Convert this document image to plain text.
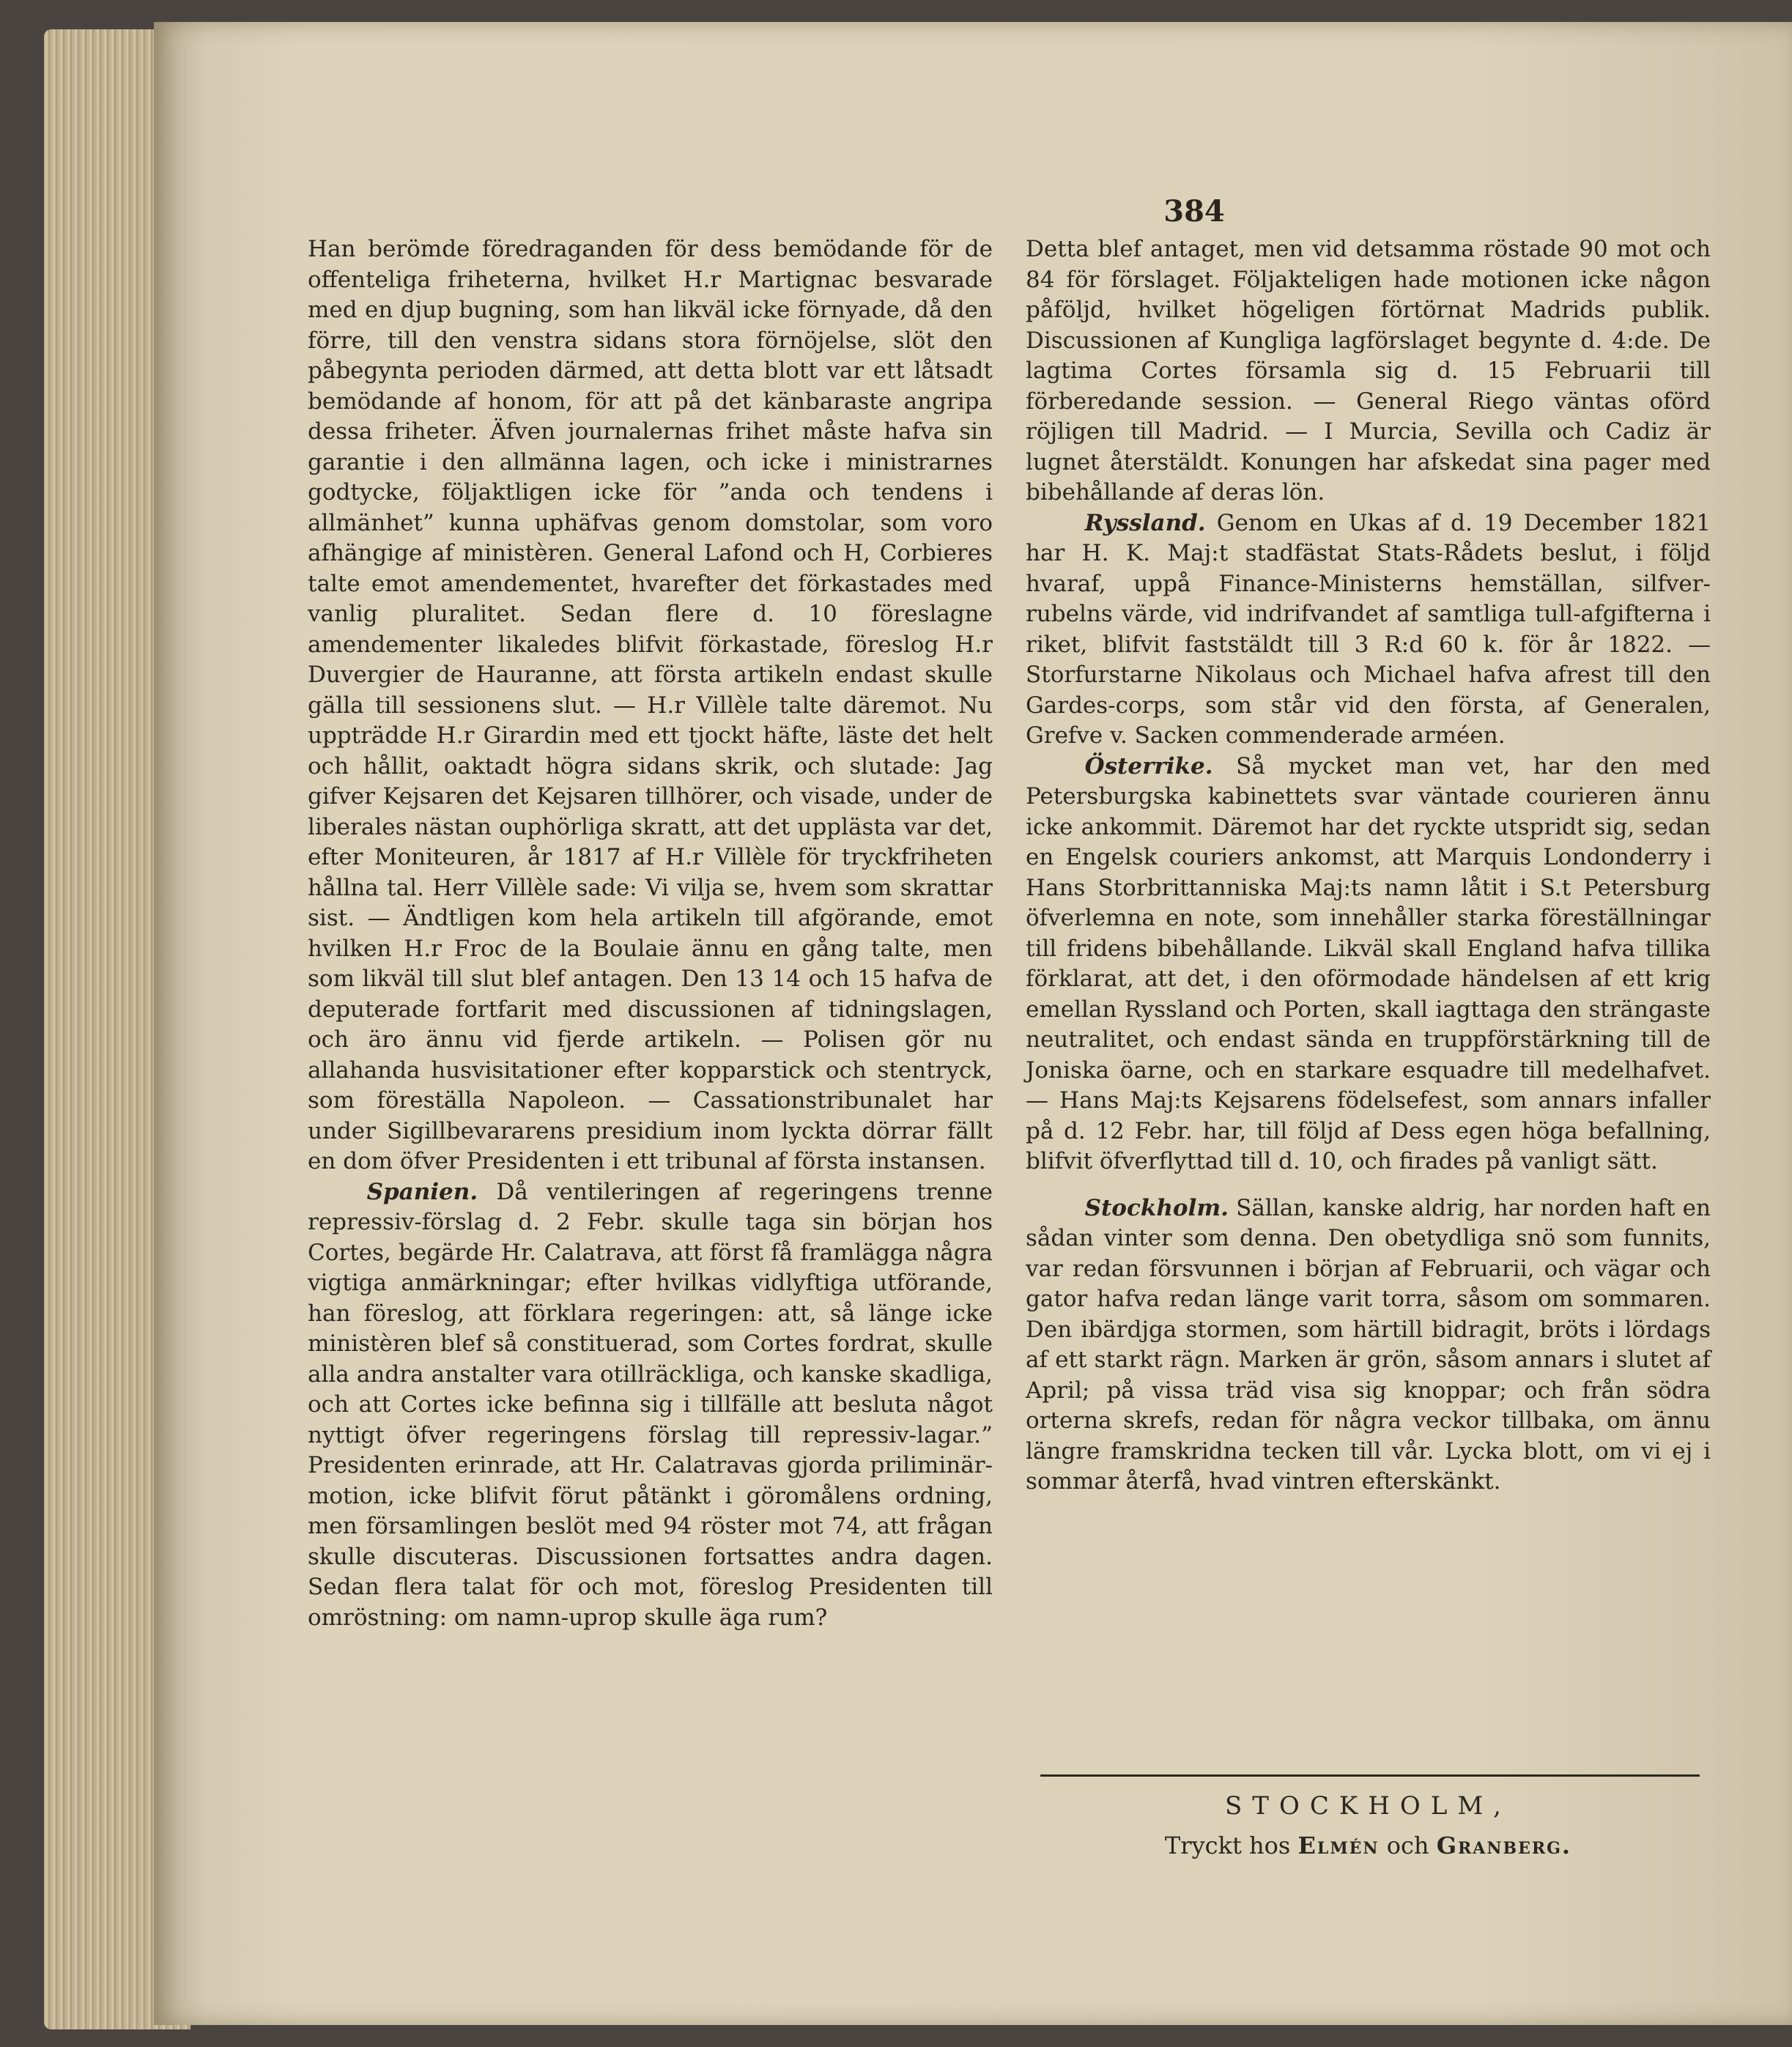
384

Han berömde föredraganden för dess bemödande för de offenteliga friheterna, hvilket H.r Martignac besvarade med en djup bugning, som han likväl icke förnyade, då den förre, till den venstra sidans stora förnöjelse, slöt den påbegynta perioden därmed, att detta blott var ett låtsadt bemödande af honom, för att på det känbaraste angripa dessa friheter. Äfven journalernas frihet måste hafva sin garantie i den allmänna lagen, och icke i ministrarnes godtycke, följaktligen icke för ”anda och tendens i allmänhet” kunna uphäfvas genom domstolar, som voro afhängige af ministèren. General Lafond och H, Corbieres talte emot amendementet, hvarefter det förkastades med vanlig pluralitet. Sedan flere d. 10 föreslagne amendementer likaledes blifvit förkastade, föreslog H.r Duvergier de Hauranne, att första artikeln endast skulle gälla till sessionens slut. — H.r Villèle talte däremot. Nu uppträdde H.r Girardin med ett tjockt häfte, läste det helt och hållit, oaktadt högra sidans skrik, och slutade: Jag gifver Kejsaren det Kejsaren tillhörer, och visade, under de liberales nästan ouphörliga skratt, att det upplästa var det, efter Moniteuren, år 1817 af H.r Villèle för tryckfriheten hållna tal. Herr Villèle sade: Vi vilja se, hvem som skrattar sist. — Ändtligen kom hela artikeln till afgörande, emot hvilken H.r Froc de la Boulaie ännu en gång talte, men som likväl till slut blef antagen. Den 13 14 och 15 hafva de deputerade fortfarit med discussionen af tidningslagen, och äro ännu vid fjerde artikeln. — Polisen gör nu allahanda husvisitationer efter kopparstick och stentryck, som föreställa Napoleon. — Cassationstribunalet har under Sigillbevararens presidium inom lyckta dörrar fällt en dom öfver Presidenten i ett tribunal af första instansen.

Spanien. Då ventileringen af regeringens trenne repressiv-förslag d. 2 Febr. skulle taga sin början hos Cortes, begärde Hr. Calatrava, att först få framlägga några vigtiga anmärkningar; efter hvilkas vidlyftiga utförande, han föreslog, att förklara regeringen: att, så länge icke ministèren blef så constituerad, som Cortes fordrat, skulle alla andra anstalter vara otillräckliga, och kanske skadliga, och att Cortes icke befinna sig i tillfälle att besluta något nyttigt öfver regeringens förslag till repressiv-lagar.” Presidenten erinrade, att Hr. Calatravas gjorda priliminär-motion, icke blifvit förut påtänkt i göromålens ordning, men församlingen beslöt med 94 röster mot 74, att frågan skulle discuteras. Discussionen fortsattes andra dagen. Sedan flera talat för och mot, föreslog Presidenten till omröstning: om namn-uprop skulle äga rum?

Detta blef antaget, men vid detsamma röstade 90 mot och 84 för förslaget. Följakteligen hade motionen icke någon påföljd, hvilket högeligen förtörnat Madrids publik. Discussionen af Kungliga lagförslaget begynte d. 4:de. De lagtima Cortes församla sig d. 15 Februarii till förberedande session. — General Riego väntas oförd röjligen till Madrid. — I Murcia, Sevilla och Cadiz är lugnet återstäldt. Konungen har afskedat sina pager med bibehållande af deras lön.

Ryssland. Genom en Ukas af d. 19 December 1821 har H. K. Maj:t stadfästat Stats-Rådets beslut, i följd hvaraf, uppå Finance-Ministerns hemställan, silfver-rubelns värde, vid indrifvandet af samtliga tull-afgifterna i riket, blifvit faststäldt till 3 R:d 60 k. för år 1822. — Storfurstarne Nikolaus och Michael hafva afrest till den Gardes-corps, som står vid den första, af Generalen, Grefve v. Sacken commenderade arméen.

Österrike. Så mycket man vet, har den med Petersburgska kabinettets svar väntade courieren ännu icke ankommit. Däremot har det ryckte utspridt sig, sedan en Engelsk couriers ankomst, att Marquis Londonderry i Hans Storbrittanniska Maj:ts namn låtit i S.t Petersburg öfverlemna en note, som innehåller starka föreställningar till fridens bibehållande. Likväl skall England hafva tillika förklarat, att det, i den oförmodade händelsen af ett krig emellan Ryssland och Porten, skall iagttaga den strängaste neutralitet, och endast sända en truppförstärkning till de Joniska öarne, och en starkare esquadre till medelhafvet. — Hans Maj:ts Kejsarens födelsefest, som annars infaller på d. 12 Febr. har, till följd af Dess egen höga befallning, blifvit öfverflyttad till d. 10, och firades på vanligt sätt.

Stockholm. Sällan, kanske aldrig, har norden haft en sådan vinter som denna. Den obetydliga snö som funnits, var redan försvunnen i början af Februarii, och vägar och gator hafva redan länge varit torra, såsom om sommaren. Den ibärdjga stormen, som härtill bidragit, bröts i lördags af ett starkt rägn. Marken är grön, såsom annars i slutet af April; på vissa träd visa sig knoppar; och från södra orterna skrefs, redan för några veckor tillbaka, om ännu längre framskridna tecken till vår. Lycka blott, om vi ej i sommar återfå, hvad vintren efterskänkt.

STOCKHOLM,
Tryckt hos Elmén och Granberg.
